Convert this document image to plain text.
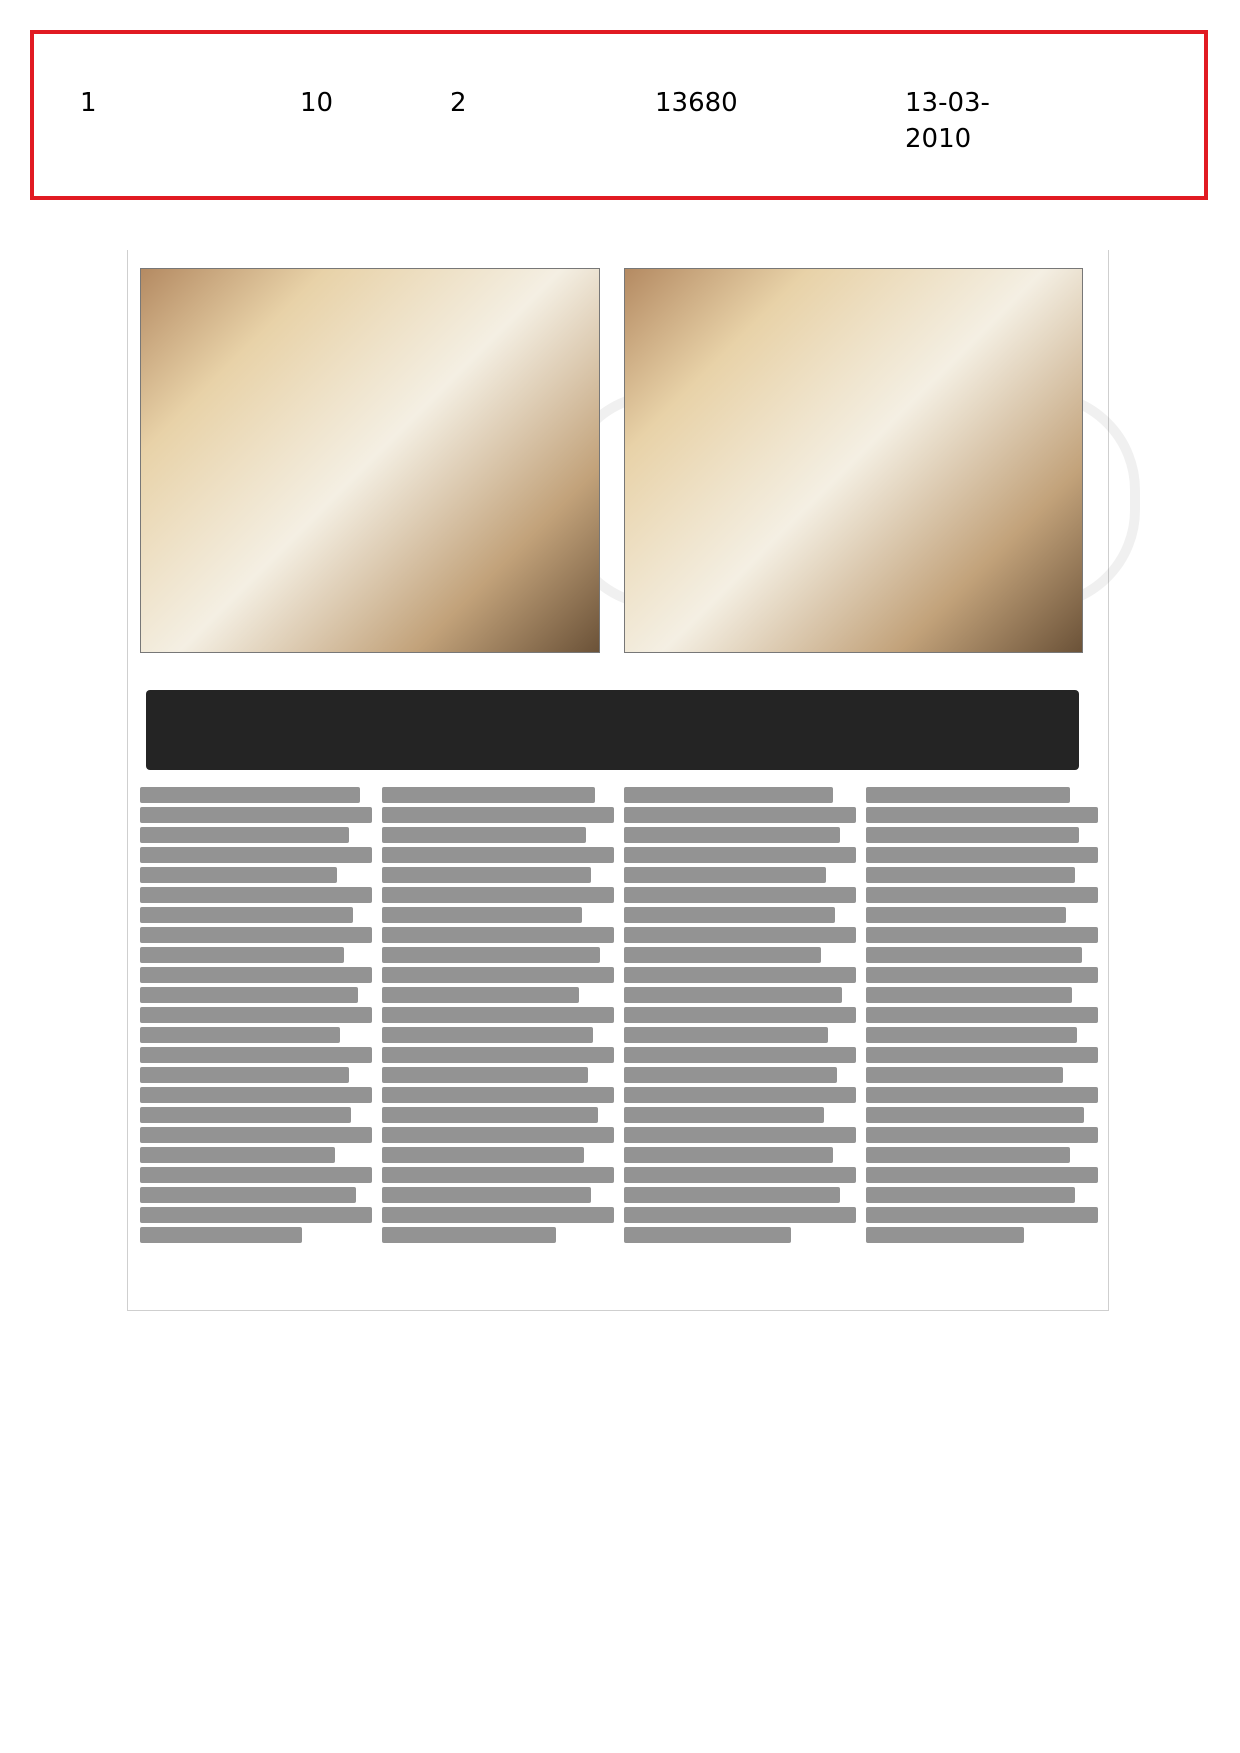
1	10	2	13680	13-03-2010
